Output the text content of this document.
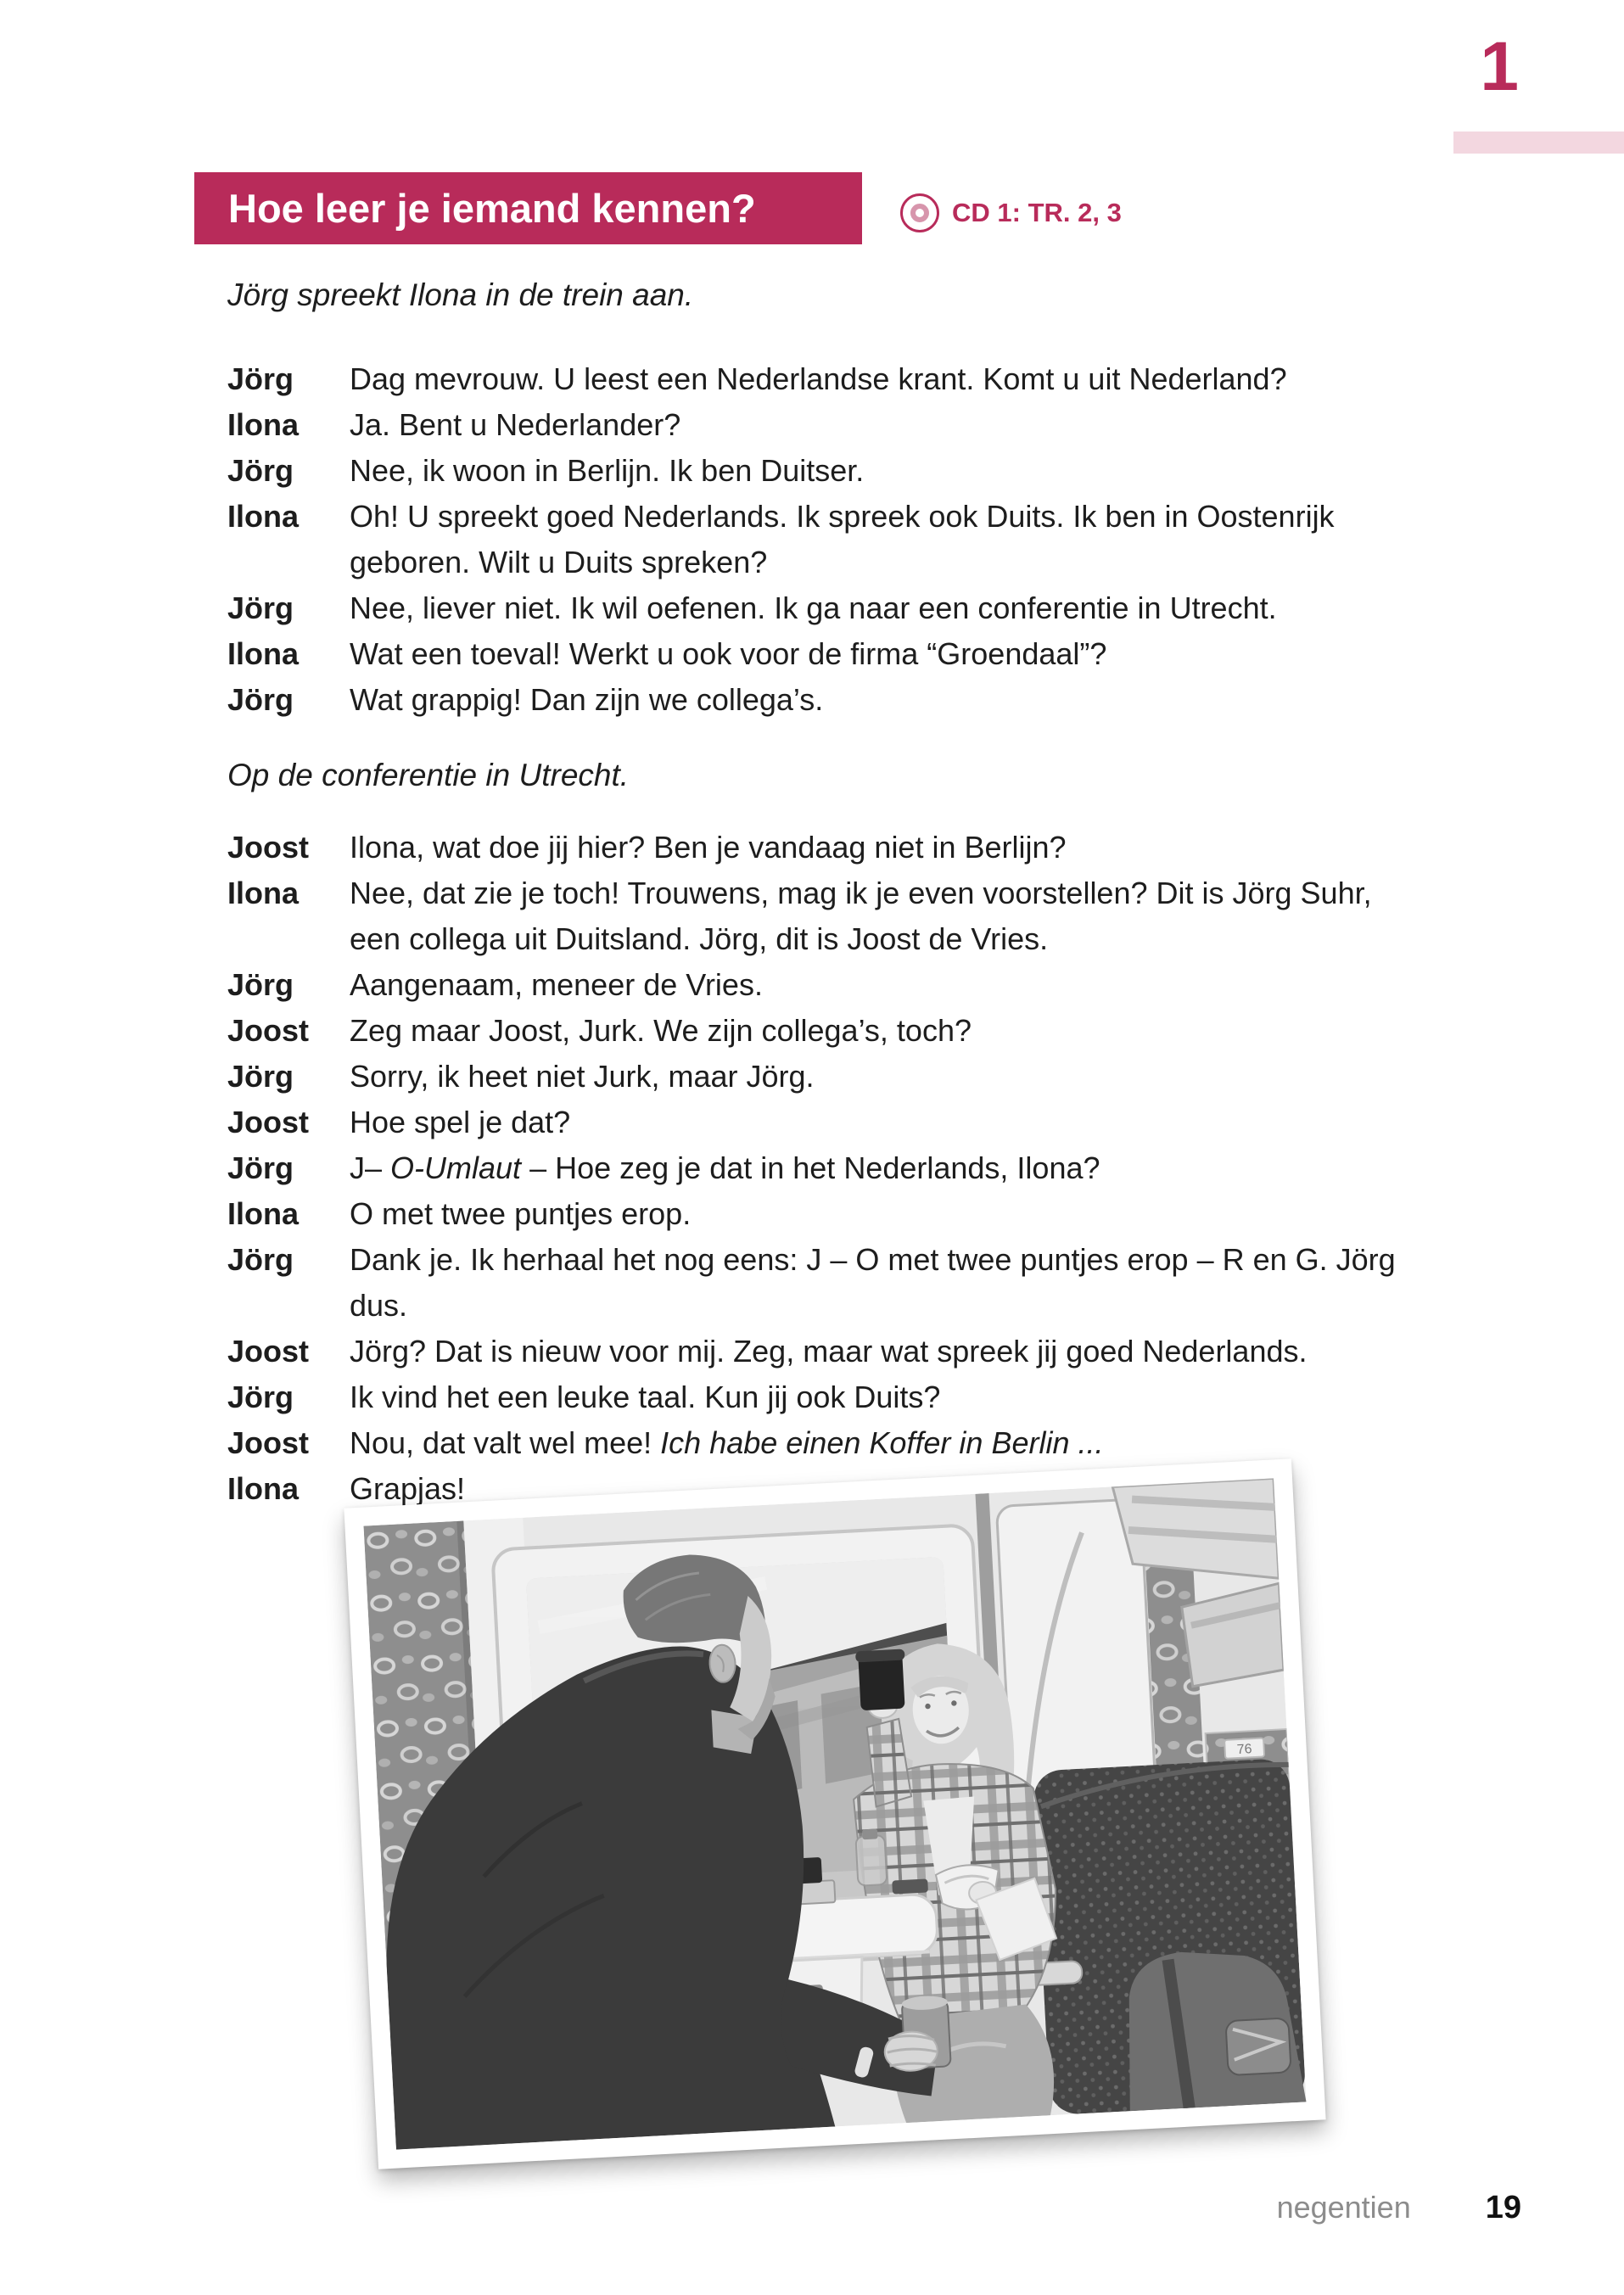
1
Hoe leer je iemand kennen?	CD 1: TR. 2, 3
Jörg spreekt Ilona in de trein aan.
Jörg	Dag mevrouw. U leest een Nederlandse krant. Komt u uit Nederland?
Ilona	Ja. Bent u Nederlander?
Jörg	Nee, ik woon in Berlijn. Ik ben Duitser.
Ilona	Oh! U spreekt goed Nederlands. Ik spreek ook Duits. Ik ben in Oostenrijk
geboren. Wilt u Duits spreken?
Jörg	Nee, liever niet. Ik wil oefenen. Ik ga naar een conferentie in Utrecht.
Ilona	Wat een toeval! Werkt u ook voor de firma “Groendaal”?
Jörg	Wat grappig! Dan zijn we collega’s.
Op de conferentie in Utrecht.
Joost	Ilona, wat doe jij hier? Ben je vandaag niet in Berlijn?
Ilona	Nee, dat zie je toch! Trouwens, mag ik je even voorstellen? Dit is Jörg Suhr,
een collega uit Duitsland. Jörg, dit is Joost de Vries.
Jörg	Aangenaam, meneer de Vries.
Joost	Zeg maar Joost, Jurk. We zijn collega’s, toch?
Jörg	Sorry, ik heet niet Jurk, maar Jörg.
Joost	Hoe spel je dat?
Jörg	J– O-Umlaut – Hoe zeg je dat in het Nederlands, Ilona?
Ilona	O met twee puntjes erop.
Jörg	Dank je. Ik herhaal het nog eens: J – O met twee puntjes erop – R en G. Jörg
dus.
Joost	Jörg? Dat is nieuw voor mij. Zeg, maar wat spreek jij goed Nederlands.
Jörg	Ik vind het een leuke taal. Kun jij ook Duits?
Joost	Nou, dat valt wel mee! Ich habe einen Koffer in Berlin ...
Ilona	Grapjas!
76
negentien 19
